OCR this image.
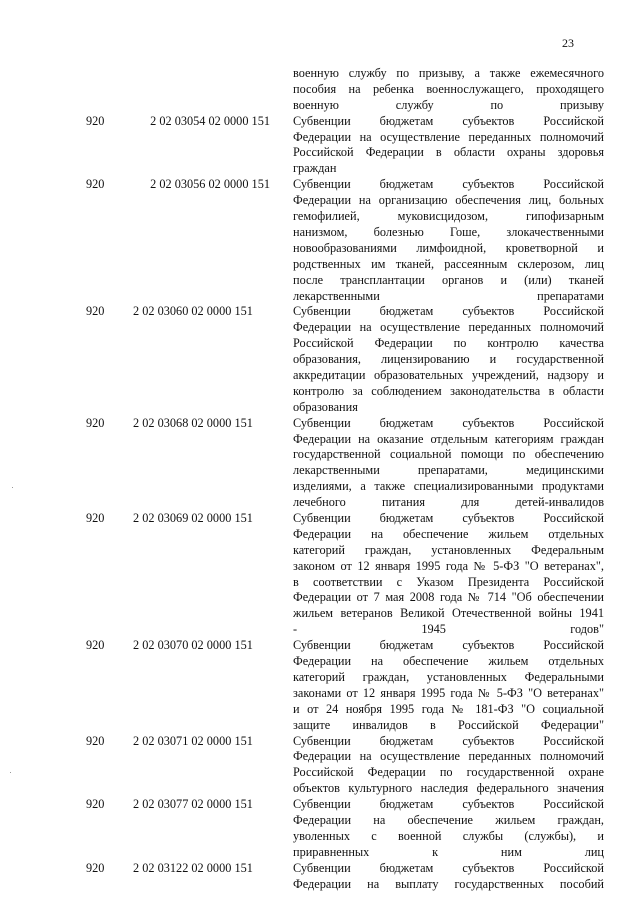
23
военную службу по призыву, а также ежемесячного
пособия на ребенка военнослужащего, проходящего
военную службу по призыву
920	2 02 03054 02 0000 151 Субвенции бюджетам субъектов Российской
Федерации на осуществление переданных полномочий
Российской Федерации в области охраны здоровья
граждан
920	2 02 03056 02 0000 151 Субвенции бюджетам субъектов Российской
Федерации на организацию обеспечения лиц, больных
гемофилией, муковисцидозом, гипофизарным
нанизмом, болезнью Гоше, злокачественными
новообразованиями лимфоидной, кроветворной и
родственных им тканей, рассеянным склерозом, лиц
после трансплантации органов и (или) тканей
лекарственными препаратами
920 2 02 03060 02 0000 151	Субвенции бюджетам субъектов Российской
Федерации на осуществление переданных полномочий
Российской Федерации по контролю качества
образования, лицензированию и государственной
аккредитации образовательных учреждений, надзору и
контролю за соблюдением законодательства в области
образования
920 2 02 03068 02 0000 151	Субвенции бюджетам субъектов Российской
Федерации на оказание отдельным категориям граждан
государственной социальной помощи по обеспечению
лекарственными препаратами, медицинскими
изделиями, а также специализированными продуктами
лечебного питания для детей-инвалидов
920 2 02 03069 02 0000 151	Субвенции бюджетам субъектов Российской
Федерации на обеспечение жильем отдельных
категорий граждан, установленных Федеральным
законом от 12 января 1995 года № 5-ФЗ "О ветеранах",
в соответствии с Указом Президента Российской
Федерации от 7 мая 2008 года № 714 "Об обеспечении
жильем ветеранов Великой Отечественной войны 1941
- 1945 годов"
920 2 02 03070 02 0000 151	Субвенции бюджетам субъектов Российской
Федерации на обеспечение жильем отдельных
категорий граждан, установленных Федеральными
законами от 12 января 1995 года № 5-ФЗ "О ветеранах"
и от 24 ноября 1995 года № 181-ФЗ "О социальной
защите инвалидов в Российской Федерации"
920 2 02 03071 02 0000 151	Субвенции бюджетам субъектов Российской
Федерации на осуществление переданных полномочий
Российской Федерации по государственной охране
объектов культурного наследия федерального значения
920 2 02 03077 02 0000 151	Субвенции бюджетам субъектов Российской
Федерации на обеспечение жильем граждан,
уволенных с военной службы (службы), и
приравненных к ним лиц
920 2 02 03122 02 0000 151	Субвенции бюджетам субъектов Российской
Федерации на выплату государственных пособий
